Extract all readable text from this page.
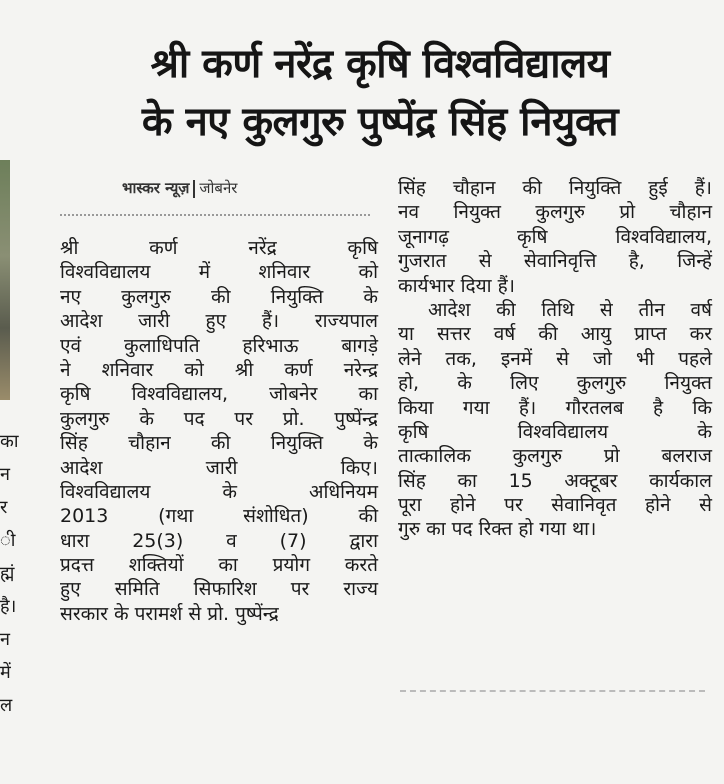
श्री कर्ण नरेंद्र कृषि विश्वविद्यालय
के नए कुलगुरु पुष्पेंद्र सिंह नियुक्त
भास्कर न्यूज़ जोबनेर
का
न
र
ी
ह्मं
है।
न
में
ल
श्री कर्ण नरेंद्र कृषि
विश्वविद्यालय में शनिवार को
नए कुलगुरु की नियुक्ति के
आदेश जारी हुए हैं। राज्यपाल
एवं कुलाधिपति हरिभाऊ बागड़े
ने शनिवार को श्री कर्ण नरेन्द्र
कृषि विश्वविद्यालय, जोबनेर का
कुलगुरु के पद पर प्रो. पुष्पेंन्द्र
सिंह चौहान की नियुक्ति के
आदेश जारी किए।
विश्वविद्यालय के अधिनियम
2013 (गथा संशोधित) की
धारा 25(3) व (7) द्वारा
प्रदत्त शक्तियों का प्रयोग करते
हुए समिति सिफारिश पर राज्य
सरकार के परामर्श से प्रो. पुष्पेंन्द्र
सिंह चौहान की नियुक्ति हुई हैं।
नव नियुक्त कुलगुरु प्रो चौहान
जूनागढ़ कृषि विश्वविद्यालय,
गुजरात से सेवानिवृत्ति है, जिन्हें
कार्यभार दिया हैं।
आदेश की तिथि से तीन वर्ष
या सत्तर वर्ष की आयु प्राप्त कर
लेने तक, इनमें से जो भी पहले
हो, के लिए कुलगुरु नियुक्त
किया गया हैं। गौरतलब है कि
कृषि विश्वविद्यालय के
तात्कालिक कुलगुरु प्रो बलराज
सिंह का 15 अक्टूबर कार्यकाल
पूरा होने पर सेवानिवृत होने से
गुरु का पद रिक्त हो गया था।
